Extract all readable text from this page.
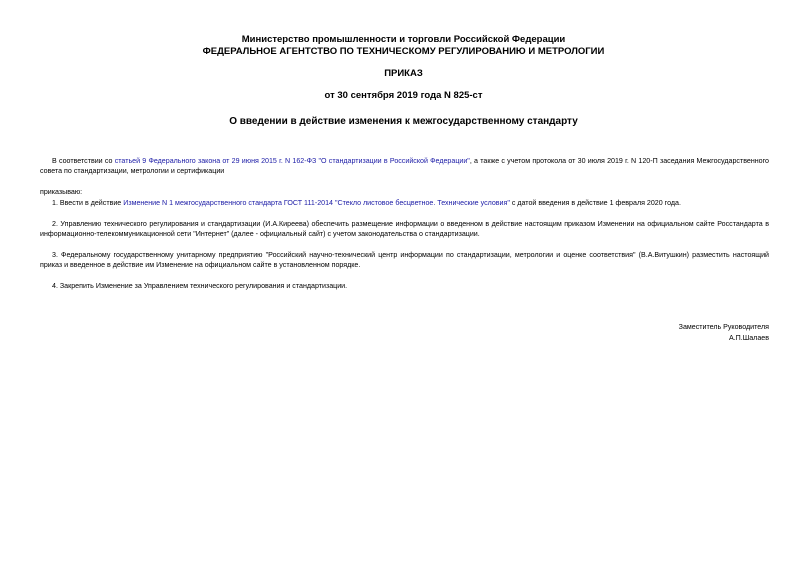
Министерство промышленности и торговли Российской Федерации
ФЕДЕРАЛЬНОЕ АГЕНТСТВО ПО ТЕХНИЧЕСКОМУ РЕГУЛИРОВАНИЮ И МЕТРОЛОГИИ
ПРИКАЗ
от 30 сентября 2019 года N 825-ст
О введении в действие изменения к межгосударственному стандарту
В соответствии со статьей 9 Федерального закона от 29 июня 2015 г. N 162-ФЗ "О стандартизации в Российской Федерации", а также с учетом протокола от 30 июля 2019 г. N 120-П заседания Межгосударственного совета по стандартизации, метрологии и сертификации
приказываю:
1. Ввести в действие Изменение N 1 межгосударственного стандарта ГОСТ 111-2014 "Стекло листовое бесцветное. Технические условия" с датой введения в действие 1 февраля 2020 года.
2. Управлению технического регулирования и стандартизации (И.А.Киреева) обеспечить размещение информации о введенном в действие настоящим приказом Изменении на официальном сайте Росстандарта в информационно-телекоммуникационной сети "Интернет" (далее - официальный сайт) с учетом законодательства о стандартизации.
3. Федеральному государственному унитарному предприятию "Российский научно-технический центр информации по стандартизации, метрологии и оценке соответствия" (В.А.Витушкин) разместить настоящий приказ и введенное в действие им Изменение на официальном сайте в установленном порядке.
4. Закрепить Изменение за Управлением технического регулирования и стандартизации.
Заместитель Руководителя
А.П.Шалаев
